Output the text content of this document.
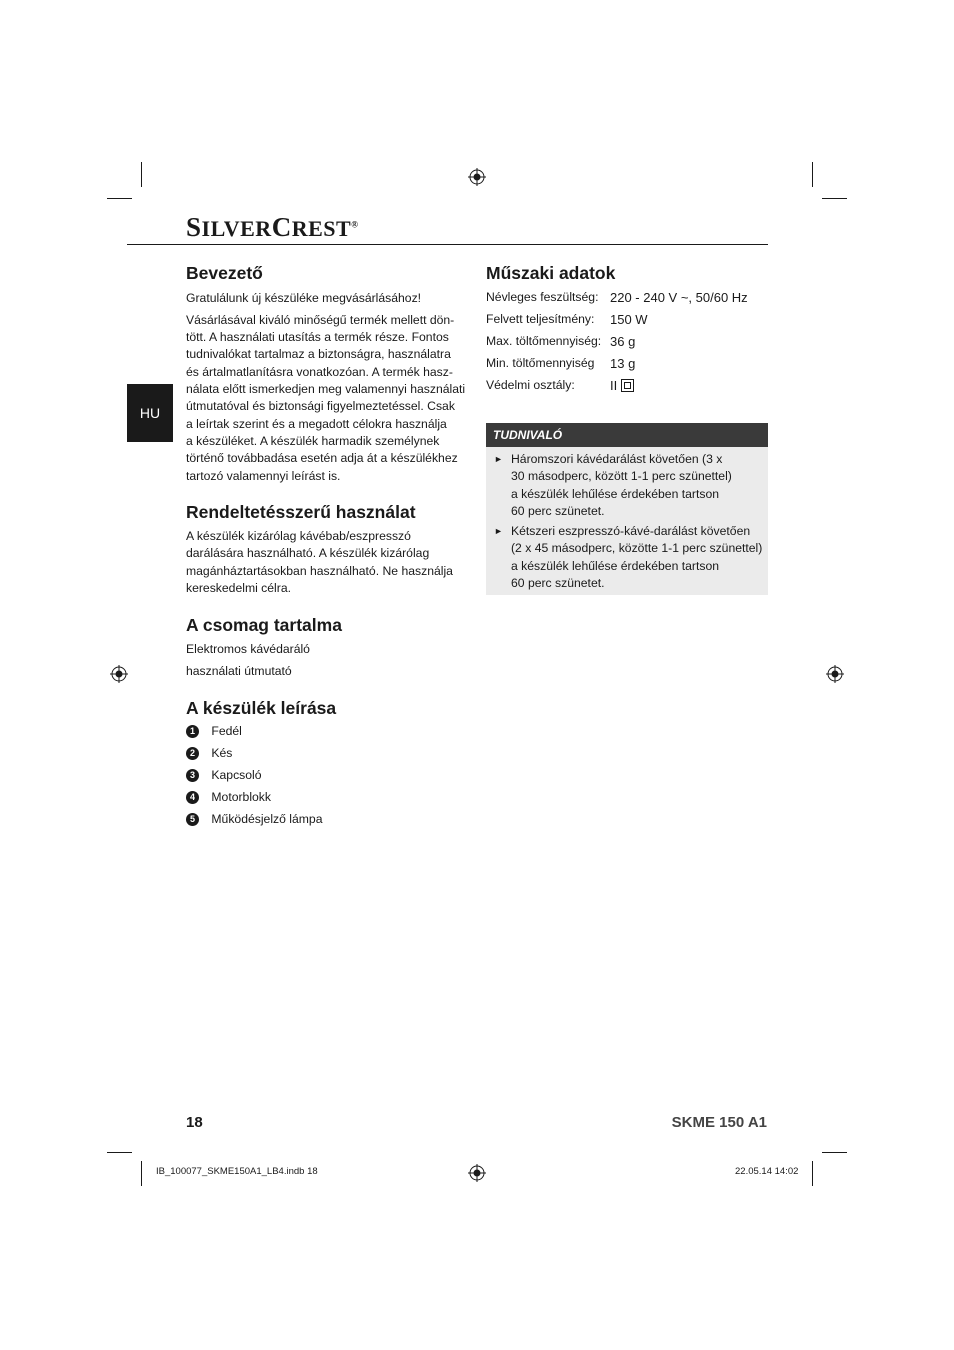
SILVERCREST®
HU
Bevezető
Gratulálunk új készüléke megvásárlásához!
Vásárlásával kiváló minőségű termék mellett dön-
tött. A használati utasítás a termék része. Fontos
tudnivalókat tartalmaz a biztonságra, használatra
és ártalmatlanításra vonatkozóan. A termék hasz-
nálata előtt ismerkedjen meg valamennyi használati
útmutatóval és biztonsági figyelmeztetéssel. Csak
a leírtak szerint és a megadott célokra használja
a készüléket. A készülék harmadik személynek
történő továbbadása esetén adja át a készülékhez
tartozó valamennyi leírást is.
Rendeltetésszerű használat
A készülék kizárólag kávébab/eszpresszó
darálására használható. A készülék kizárólag
magánháztartásokban használható. Ne használja
kereskedelmi célra.
A csomag tartalma
Elektromos kávédaráló
használati útmutató
A készülék leírása
1 Fedél
2 Kés
3 Kapcsoló
4 Motorblokk
5 Működésjelző lámpa
Műszaki adatok
Névleges feszültség: 220 - 240 V ~, 50/60 Hz
Felvett teljesítmény: 150 W
Max. töltőmennyiség: 36 g
Min. töltőmennyiség 13 g
Védelmi osztály:	II
TUDNIVALÓ
► Háromszori kávédarálást követően (3 x
30 másodperc, között 1-1 perc szünettel)
a készülék lehűlése érdekében tartson
60 perc szünetet.
► Kétszeri eszpresszó-kávé-darálást követően
(2 x 45 másodperc, közötte 1-1 perc szünettel)
a készülék lehűlése érdekében tartson
60 perc szünetet.
18	SKME 150 A1
IB_100077_SKME150A1_LB4.indb 18	22.05.14 14:02
